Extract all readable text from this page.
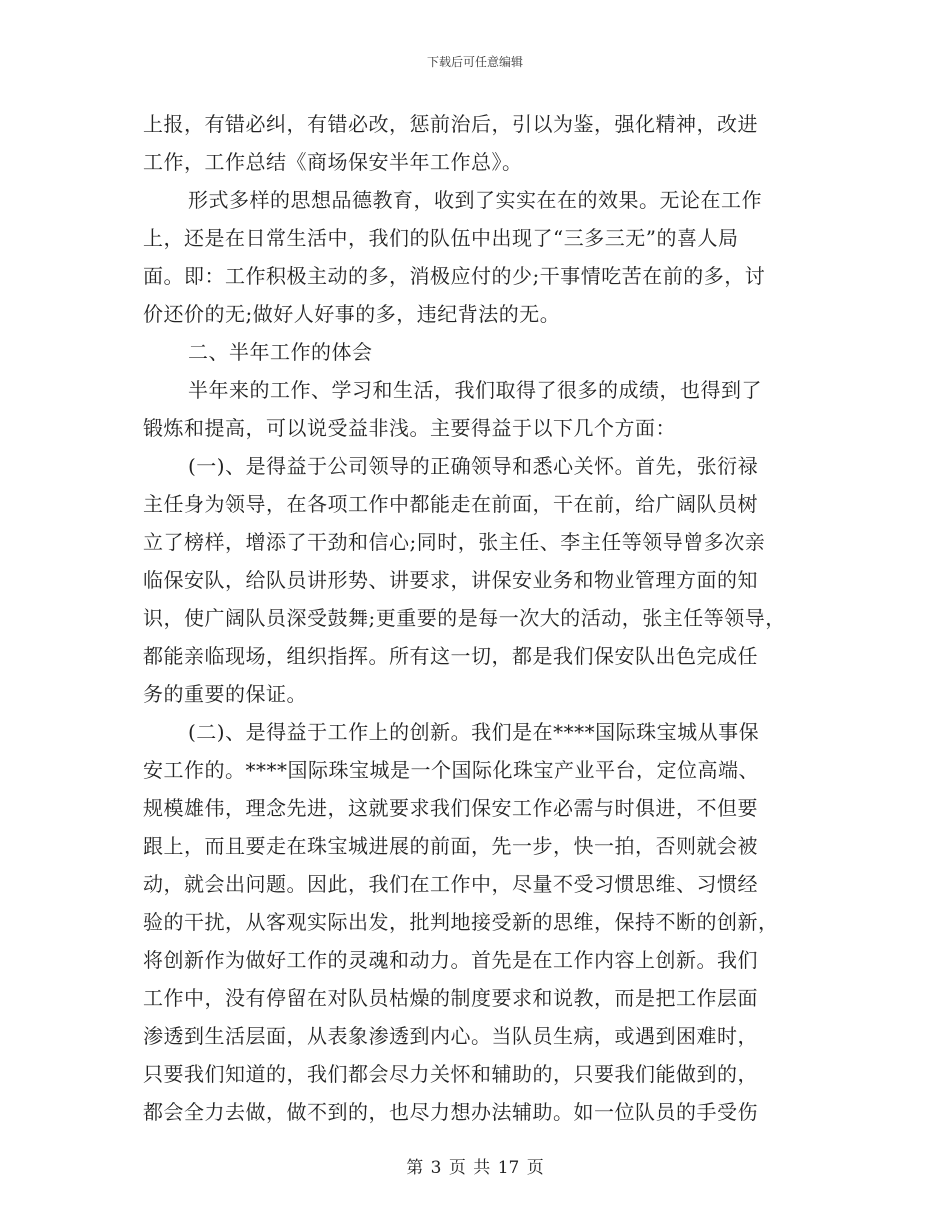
下载后可任意编辑
上报，有错必纠，有错必改，惩前治后，引以为鉴，强化精神，改进
工作，工作总结《商场保安半年工作总》。
形式多样的思想品德教育，收到了实实在在的效果。无论在工作
上，还是在日常生活中，我们的队伍中出现了“三多三无”的喜人局
面。即：工作积极主动的多，消极应付的少;干事情吃苦在前的多，讨
价还价的无;做好人好事的多，违纪背法的无。
二、半年工作的体会
半年来的工作、学习和生活，我们取得了很多的成绩，也得到了
锻炼和提高，可以说受益非浅。主要得益于以下几个方面：
(一)、是得益于公司领导的正确领导和悉心关怀。首先，张衍禄
主任身为领导，在各项工作中都能走在前面，干在前，给广阔队员树
立了榜样，增添了干劲和信心;同时，张主任、李主任等领导曾多次亲
临保安队，给队员讲形势、讲要求，讲保安业务和物业管理方面的知
识，使广阔队员深受鼓舞;更重要的是每一次大的活动，张主任等领导，
都能亲临现场，组织指挥。所有这一切，都是我们保安队出色完成任
务的重要的保证。
(二)、是得益于工作上的创新。我们是在****国际珠宝城从事保
安工作的。****国际珠宝城是一个国际化珠宝产业平台，定位高端、
规模雄伟，理念先进，这就要求我们保安工作必需与时俱进，不但要
跟上，而且要走在珠宝城进展的前面，先一步，快一拍，否则就会被
动，就会出问题。因此，我们在工作中，尽量不受习惯思维、习惯经
验的干扰，从客观实际出发，批判地接受新的思维，保持不断的创新，
将创新作为做好工作的灵魂和动力。首先是在工作内容上创新。我们
工作中，没有停留在对队员枯燥的制度要求和说教，而是把工作层面
渗透到生活层面，从表象渗透到内心。当队员生病，或遇到困难时，
只要我们知道的，我们都会尽力关怀和辅助的，只要我们能做到的，
都会全力去做，做不到的，也尽力想办法辅助。如一位队员的手受伤
第 3 页 共 17 页
